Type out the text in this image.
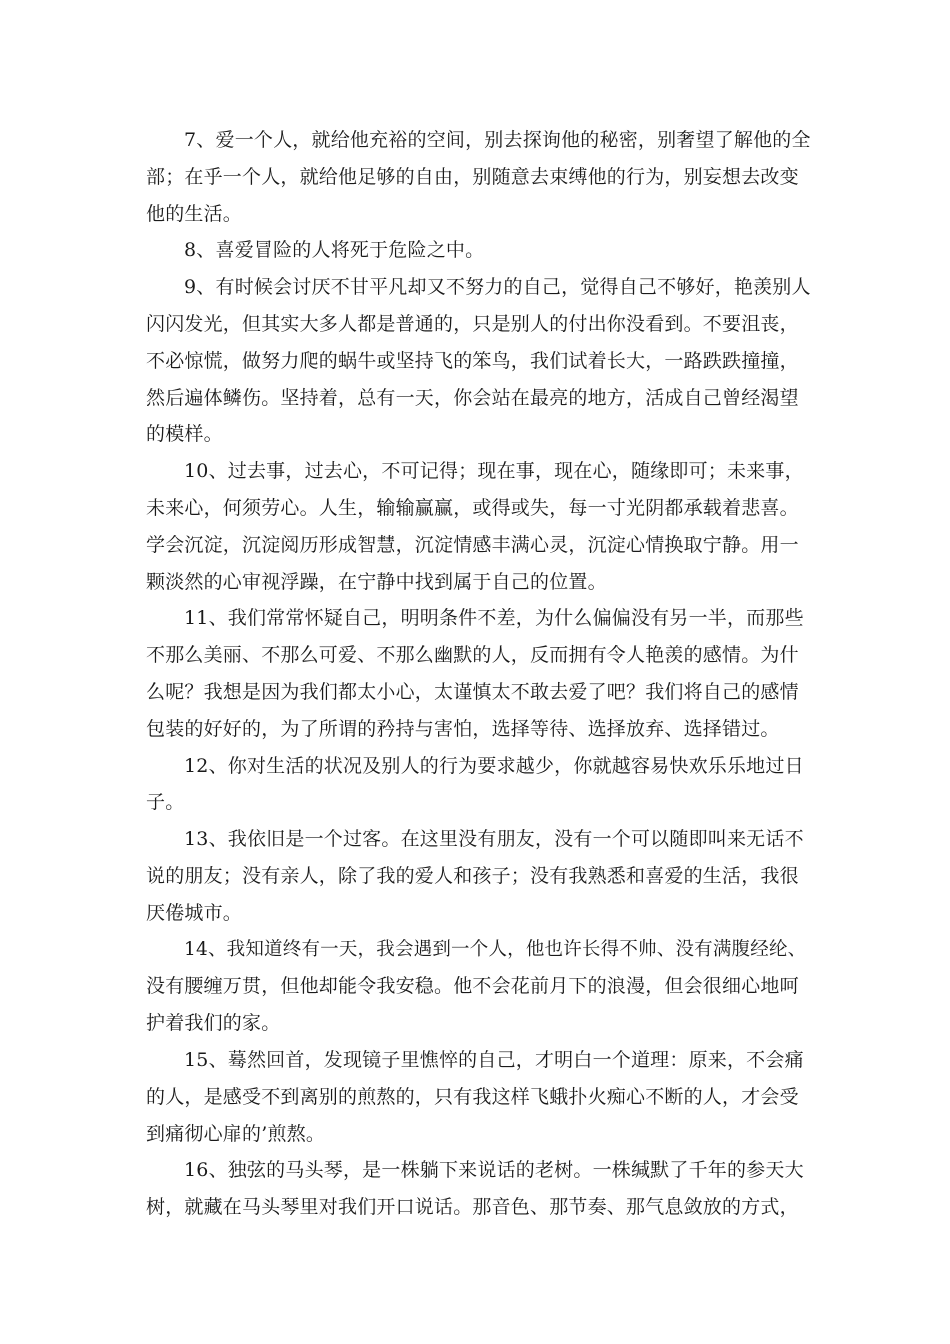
7、爱一个人，就给他充裕的空间，别去探询他的秘密，别奢望了解他的全
部；在乎一个人，就给他足够的自由，别随意去束缚他的行为，别妄想去改变
他的生活。
8、喜爱冒险的人将死于危险之中。
9、有时候会讨厌不甘平凡却又不努力的自己，觉得自己不够好，艳羡别人
闪闪发光，但其实大多人都是普通的，只是别人的付出你没看到。不要沮丧，
不必惊慌，做努力爬的蜗牛或坚持飞的笨鸟，我们试着长大，一路跌跌撞撞，
然后遍体鳞伤。坚持着，总有一天，你会站在最亮的地方，活成自己曾经渴望
的模样。
10、过去事，过去心，不可记得；现在事，现在心，随缘即可；未来事，
未来心，何须劳心。人生，输输赢赢，或得或失，每一寸光阴都承载着悲喜。
学会沉淀，沉淀阅历形成智慧，沉淀情感丰满心灵，沉淀心情换取宁静。用一
颗淡然的心审视浮躁，在宁静中找到属于自己的位置。
11、我们常常怀疑自己，明明条件不差，为什么偏偏没有另一半，而那些
不那么美丽、不那么可爱、不那么幽默的人，反而拥有令人艳羡的感情。为什
么呢？我想是因为我们都太小心，太谨慎太不敢去爱了吧？我们将自己的感情
包装的好好的，为了所谓的矜持与害怕，选择等待、选择放弃、选择错过。
12、你对生活的状况及别人的行为要求越少，你就越容易快欢乐乐地过日
子。
13、我依旧是一个过客。在这里没有朋友，没有一个可以随即叫来无话不
说的朋友；没有亲人，除了我的爱人和孩子；没有我熟悉和喜爱的生活，我很
厌倦城市。
14、我知道终有一天，我会遇到一个人，他也许长得不帅、没有满腹经纶、
没有腰缠万贯，但他却能令我安稳。他不会花前月下的浪漫，但会很细心地呵
护着我们的家。
15、蓦然回首，发现镜子里憔悴的自己，才明白一个道理：原来，不会痛
的人，是感受不到离别的煎熬的，只有我这样飞蛾扑火痴心不断的人，才会受
到痛彻心扉的’煎熬。
16、独弦的马头琴，是一株躺下来说话的老树。一株缄默了千年的参天大
树，就藏在马头琴里对我们开口说话。那音色、那节奏、那气息敛放的方式，
